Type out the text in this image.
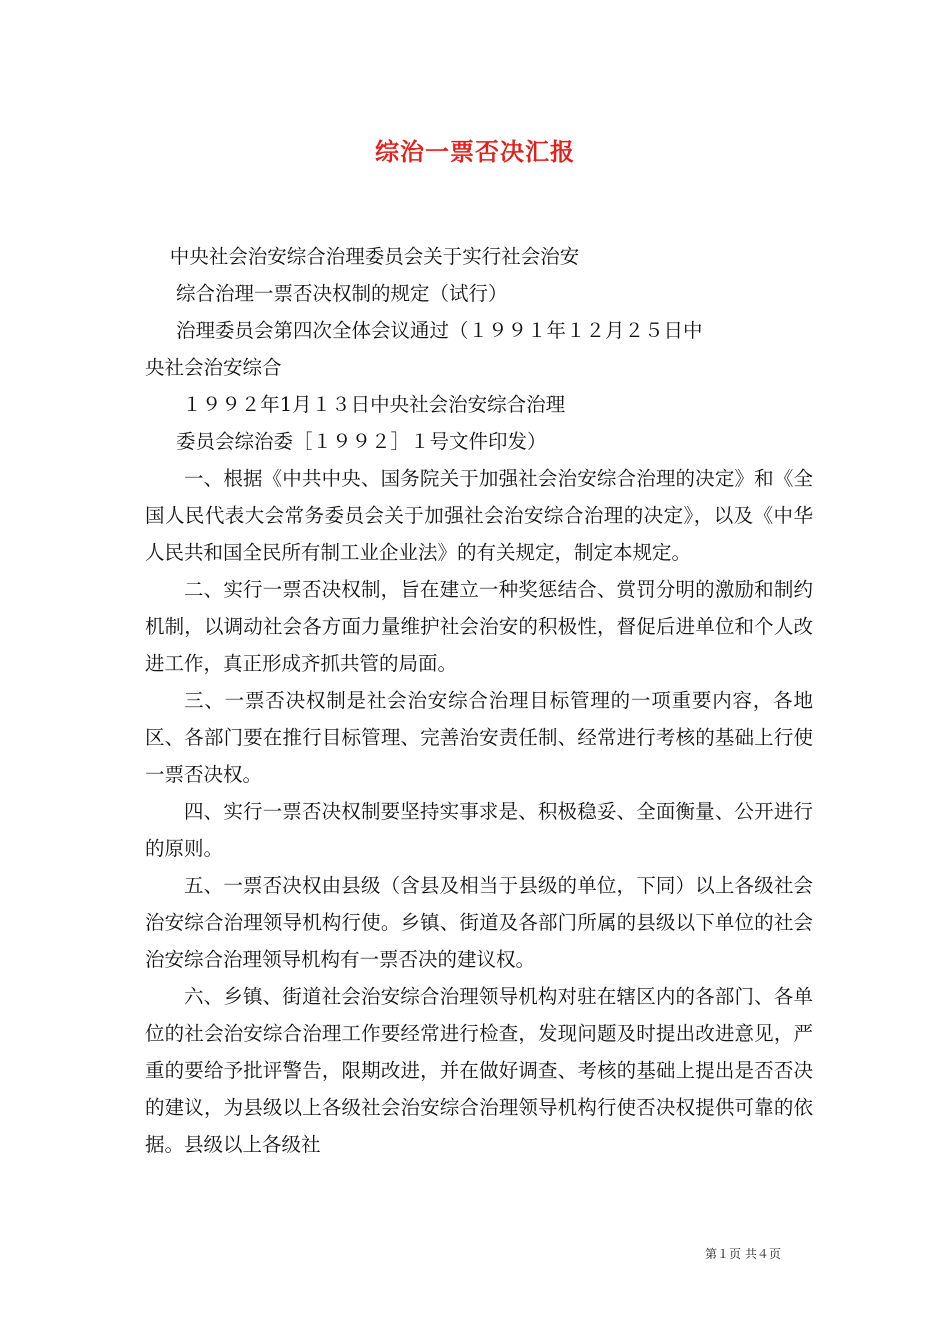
综治一票否决汇报
中央社会治安综合治理委员会关于实行社会治安
综合治理一票否决权制的规定（试行）
治理委员会第四次全体会议通过（１９９１年１２月２５日中
央社会治安综合
１９９２年1月１３日中央社会治安综合治理
委员会综治委［１９９２］１号文件印发）

一、根据《中共中央、国务院关于加强社会治安综合治理的决定》和《全国人民代表大会常务委员会关于加强社会治安综合治理的决定》，以及《中华人民共和国全民所有制工业企业法》的有关规定，制定本规定。

二、实行一票否决权制，旨在建立一种奖惩结合、赏罚分明的激励和制约机制，以调动社会各方面力量维护社会治安的积极性，督促后进单位和个人改进工作，真正形成齐抓共管的局面。

三、一票否决权制是社会治安综合治理目标管理的一项重要内容，各地区、各部门要在推行目标管理、完善治安责任制、经常进行考核的基础上行使一票否决权。

四、实行一票否决权制要坚持实事求是、积极稳妥、全面衡量、公开进行的原则。

五、一票否决权由县级（含县及相当于县级的单位，下同）以上各级社会治安综合治理领导机构行使。乡镇、街道及各部门所属的县级以下单位的社会治安综合治理领导机构有一票否决的建议权。

六、乡镇、街道社会治安综合治理领导机构对驻在辖区内的各部门、各单位的社会治安综合治理工作要经常进行检查，发现问题及时提出改进意见，严重的要给予批评警告，限期改进，并在做好调查、考核的基础上提出是否否决的建议，为县级以上各级社会治安综合治理领导机构行使否决权提供可靠的依据。县级以上各级社

第１页 共４页
